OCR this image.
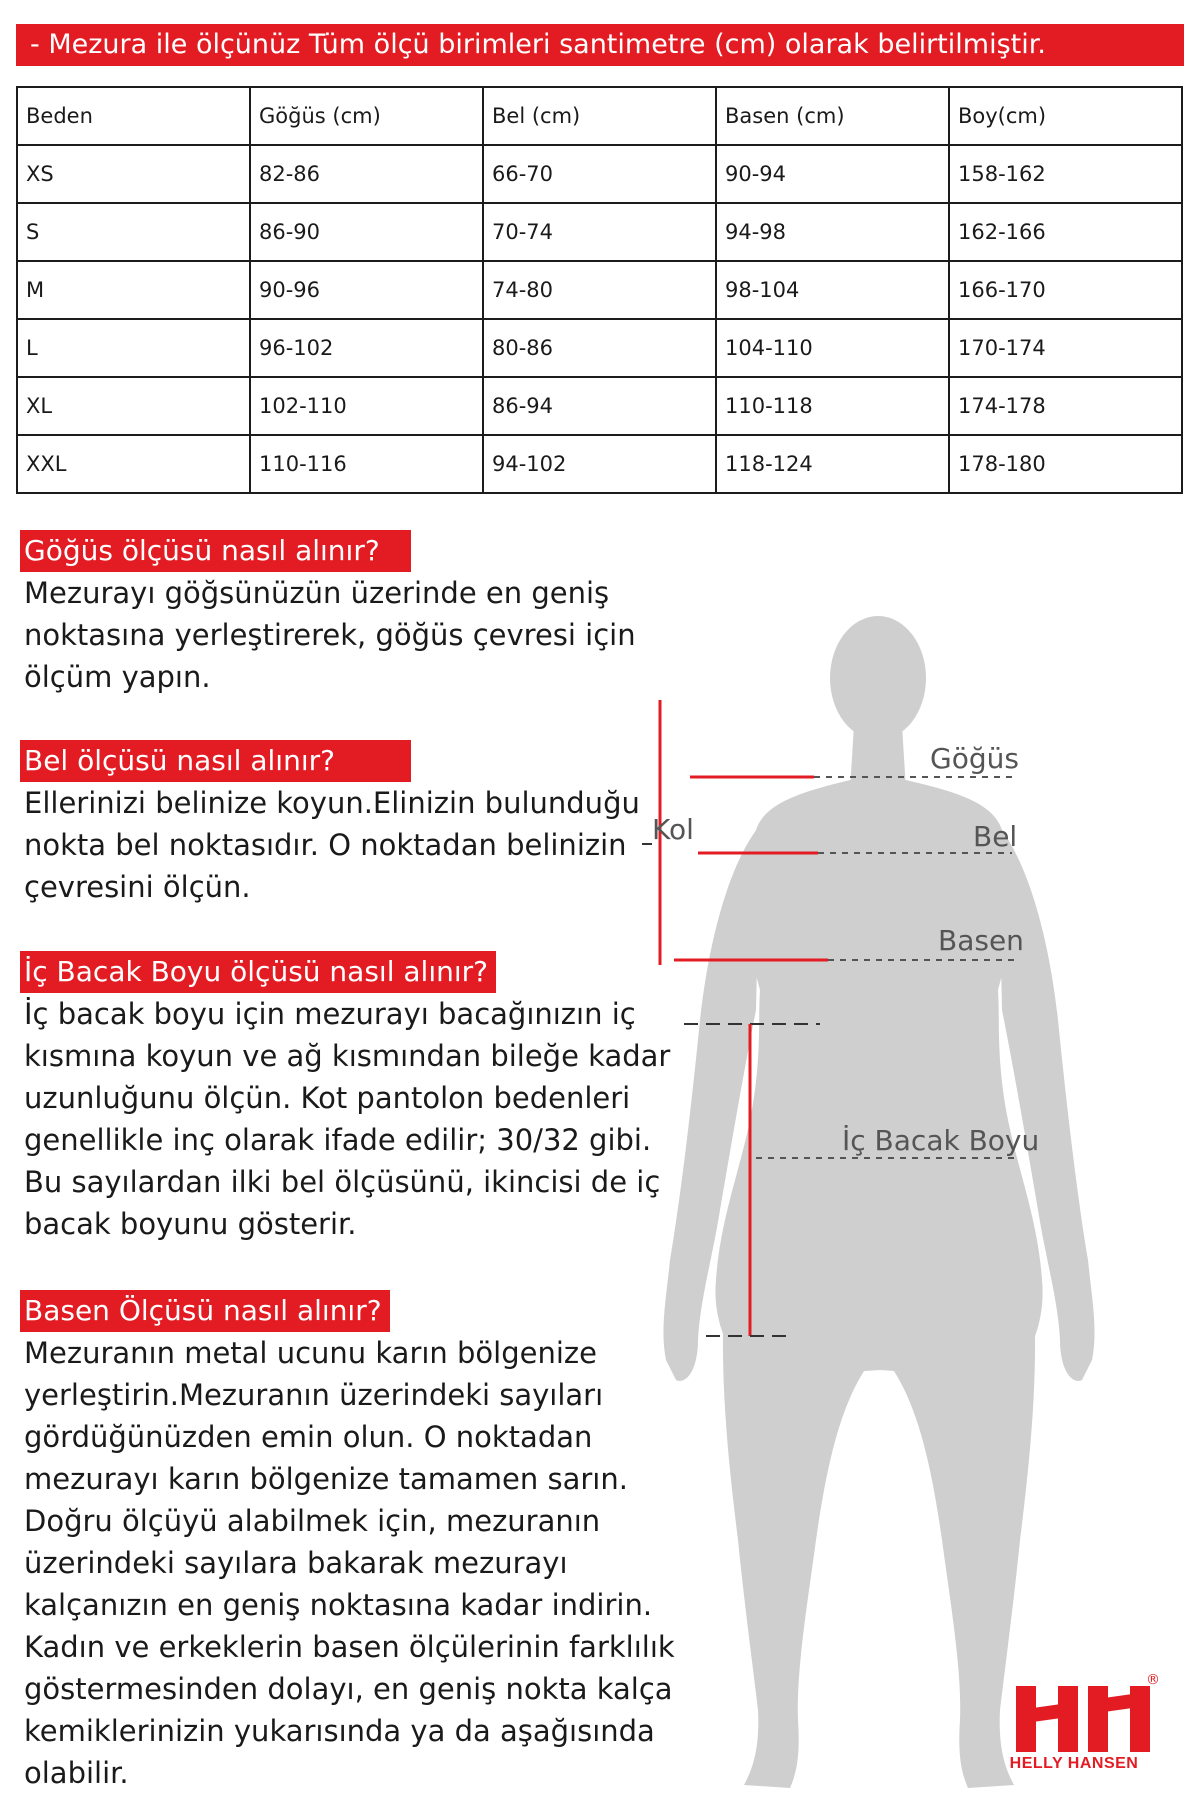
- Mezura ile ölçünüz Tüm ölçü birimleri santimetre (cm) olarak belirtilmiştir.
Beden	Göğüs (cm)	Bel (cm)	Basen (cm)	Boy(cm)
XS	82-86	66-70	90-94	158-162
S	86-90	70-74	94-98	162-166
M	90-96	74-80	98-104	166-170
L	96-102	80-86	104-110	170-174
XL	102-110	86-94	110-118	174-178
XXL	110-116	94-102	118-124	178-180
Göğüs ölçüsü nasıl alınır?
Mezurayı göğsünüzün üzerinde en geniş
noktasına yerleştirerek, göğüs çevresi için
ölçüm yapın.
Bel ölçüsü nasıl alınır?
Ellerinizi belinize koyun.Elinizin bulunduğu
nokta bel noktasıdır. O noktadan belinizin
çevresini ölçün.
İç Bacak Boyu ölçüsü nasıl alınır?
İç bacak boyu için mezurayı bacağınızın iç
kısmına koyun ve ağ kısmından bileğe kadar
uzunluğunu ölçün. Kot pantolon bedenleri
genellikle inç olarak ifade edilir; 30/32 gibi.
Bu sayılardan ilki bel ölçüsünü, ikincisi de iç
bacak boyunu gösterir.
Basen Ölçüsü nasıl alınır?
Mezuranın metal ucunu karın bölgenize
yerleştirin.Mezuranın üzerindeki sayıları
gördüğünüzden emin olun. O noktadan
mezurayı karın bölgenize tamamen sarın.
Doğru ölçüyü alabilmek için, mezuranın
üzerindeki sayılara bakarak mezurayı
kalçanızın en geniş noktasına kadar indirin.
Kadın ve erkeklerin basen ölçülerinin farklılık
göstermesinden dolayı, en geniş nokta kalça
kemiklerinizin yukarısında ya da aşağısında
olabilir.
Göğüs
Bel
Basen
İç Bacak Boyu
Kol
®
HELLY HANSEN
